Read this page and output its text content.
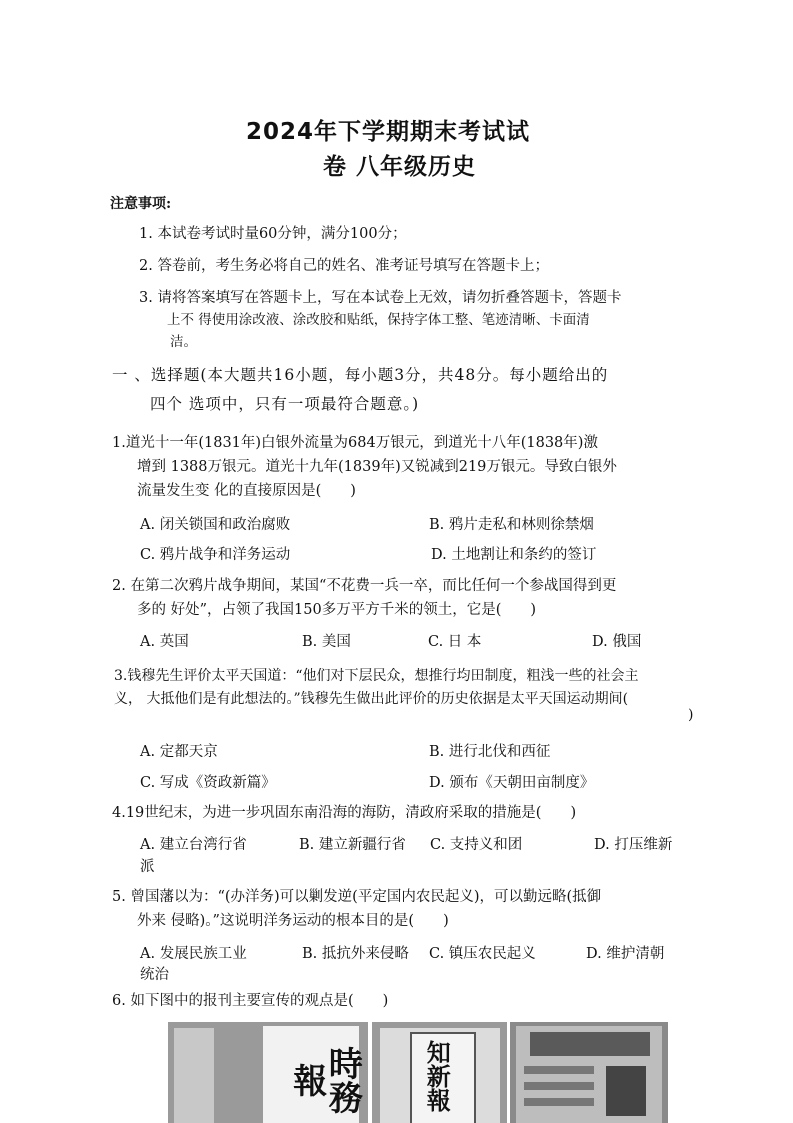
2024年下学期期末考试试
卷 八年级历史
注意事项:
1. 本试卷考试时量60分钟，满分100分；
2. 答卷前，考生务必将自己的姓名、准考证号填写在答题卡上；
3. 请将答案填写在答题卡上，写在本试卷上无效，请勿折叠答题卡，答题卡
上不 得使用涂改液、涂改胶和贴纸，保持字体工整、笔迹清晰、卡面清
洁。
一 、选择题(本大题共16小题，每小题3分，共48分。每小题给出的
四个 选项中，只有一项最符合题意。)
1.道光十一年(1831年)白银外流量为684万银元，到道光十八年(1838年)激
增到 1388万银元。道光十九年(1839年)又锐减到219万银元。导致白银外
流量发生变 化的直接原因是(　　)
A. 闭关锁国和政治腐败	B. 鸦片走私和林则徐禁烟
C. 鸦片战争和洋务运动	D. 土地割让和条约的签订
2. 在第二次鸦片战争期间，某国“不花费一兵一卒，而比任何一个参战国得到更
多的 好处”，占领了我国150多万平方千米的领土，它是(　　)
A. 英国	B. 美国	C. 日 本	D. 俄国
3.钱穆先生评价太平天国道：“他们对下层民众，想推行均田制度，粗浅一些的社会主
义， 大抵他们是有此想法的。”钱穆先生做出此评价的历史依据是太平天国运动期间(
)
A. 定都天京	B. 进行北伐和西征
C. 写成《资政新篇》	D. 颁布《天朝田亩制度》
4.19世纪末，为进一步巩固东南沿海的海防，清政府采取的措施是(　　)
A. 建立台湾行省	B. 建立新疆行省 C. 支持义和团	D. 打压维新
派
5. 曾国藩以为：“(办洋务)可以剿发逆(平定国内农民起义)，可以勤远略(抵御
外来 侵略)。”这说明洋务运动的根本目的是(　　)
A. 发展民族工业	B. 抵抗外来侵略 C. 镇压农民起义	D. 维护清朝
统治
6. 如下图中的报刊主要宣传的观点是(　　)
時務報	知新報
